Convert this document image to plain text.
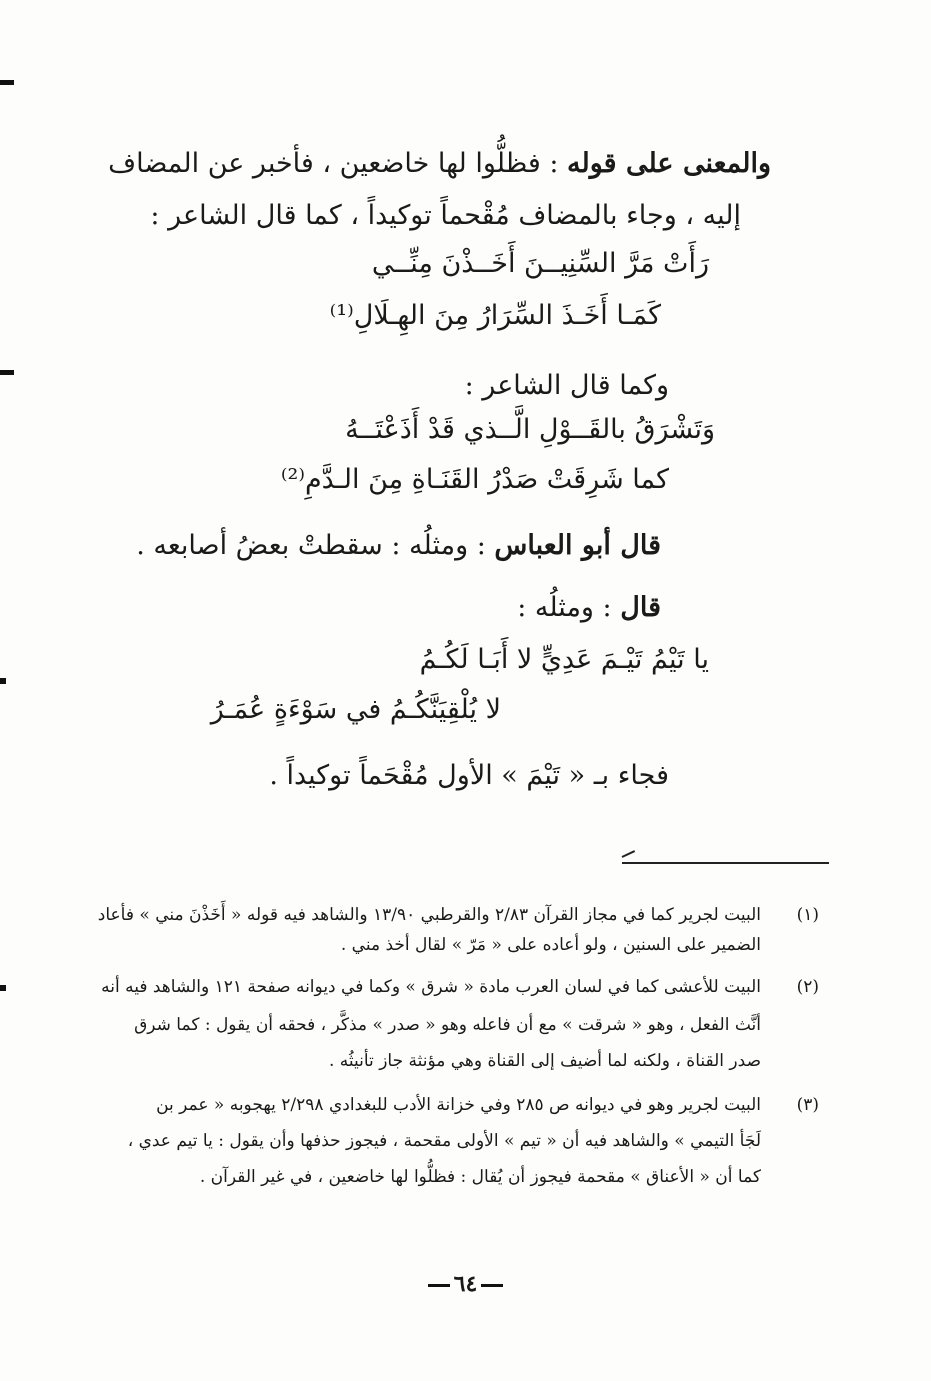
والمعنى على قوله : فظلُّوا لها خاضعين ، فأخبر عن المضاف
إليه ، وجاء بالمضاف مُقْحماً توكيداً ، كما قال الشاعر :
رَأَتْ مَرَّ السِّنِيــنَ أَخَــذْنَ مِنِّــي
كَمَـا أَخَـذَ السِّرَارُ مِنَ الهِـلَالِ⁽¹⁾
وكما قال الشاعر :
وَتَشْرَقُ بالقَــوْلِ الَّــذي قَدْ أَذَعْتَــهُ
كما شَرِقَتْ صَدْرُ القَنَـاةِ مِنَ الـدَّمِ⁽²⁾
قال أبو العباس : ومثلُه : سقطتْ بعضُ أصابعه .
قال : ومثلُه :
يا تَيْمُ تَيْـمَ عَدِيٍّ لا أَبَـا لَكُـمُ
لا يُلْقِيَنَّكُـمُ في سَوْءَةٍ عُمَـرُ
فجاء بـ « تَيْمَ » الأول مُقْحَماً توكيداً .
(١)
البيت لجرير كما في مجاز القرآن ٢/٨٣ والقرطبي ١٣/٩٠ والشاهد فيه قوله « أَخَذْنَ مني » فأعاد
الضمير على السنين ، ولو أعاده على « مَرّ » لقال أخذ مني .
(٢)
البيت للأعشى كما في لسان العرب مادة « شرق » وكما في ديوانه صفحة ١٢١ والشاهد فيه أنه
أنَّث الفعل ، وهو « شرقت » مع أن فاعله وهو « صدر » مذكَّر ، فحقه أن يقول : كما شرق
صدر القناة ، ولكنه لما أضيف إلى القناة وهي مؤنثة جاز تأنيثُه .
(٣)
البيت لجرير وهو في ديوانه ص ٢٨٥ وفي خزانة الأدب للبغدادي ٢/٢٩٨ يهجوبه « عمر بن
لَجَأ التيمي » والشاهد فيه أن « تيم » الأولى مقحمة ، فيجوز حذفها وأن يقول : يا تيم عدي ،
كما أن « الأعناق » مقحمة فيجوز أن يُقال : فظلُّوا لها خاضعين ، في غير القرآن .
٦٤
